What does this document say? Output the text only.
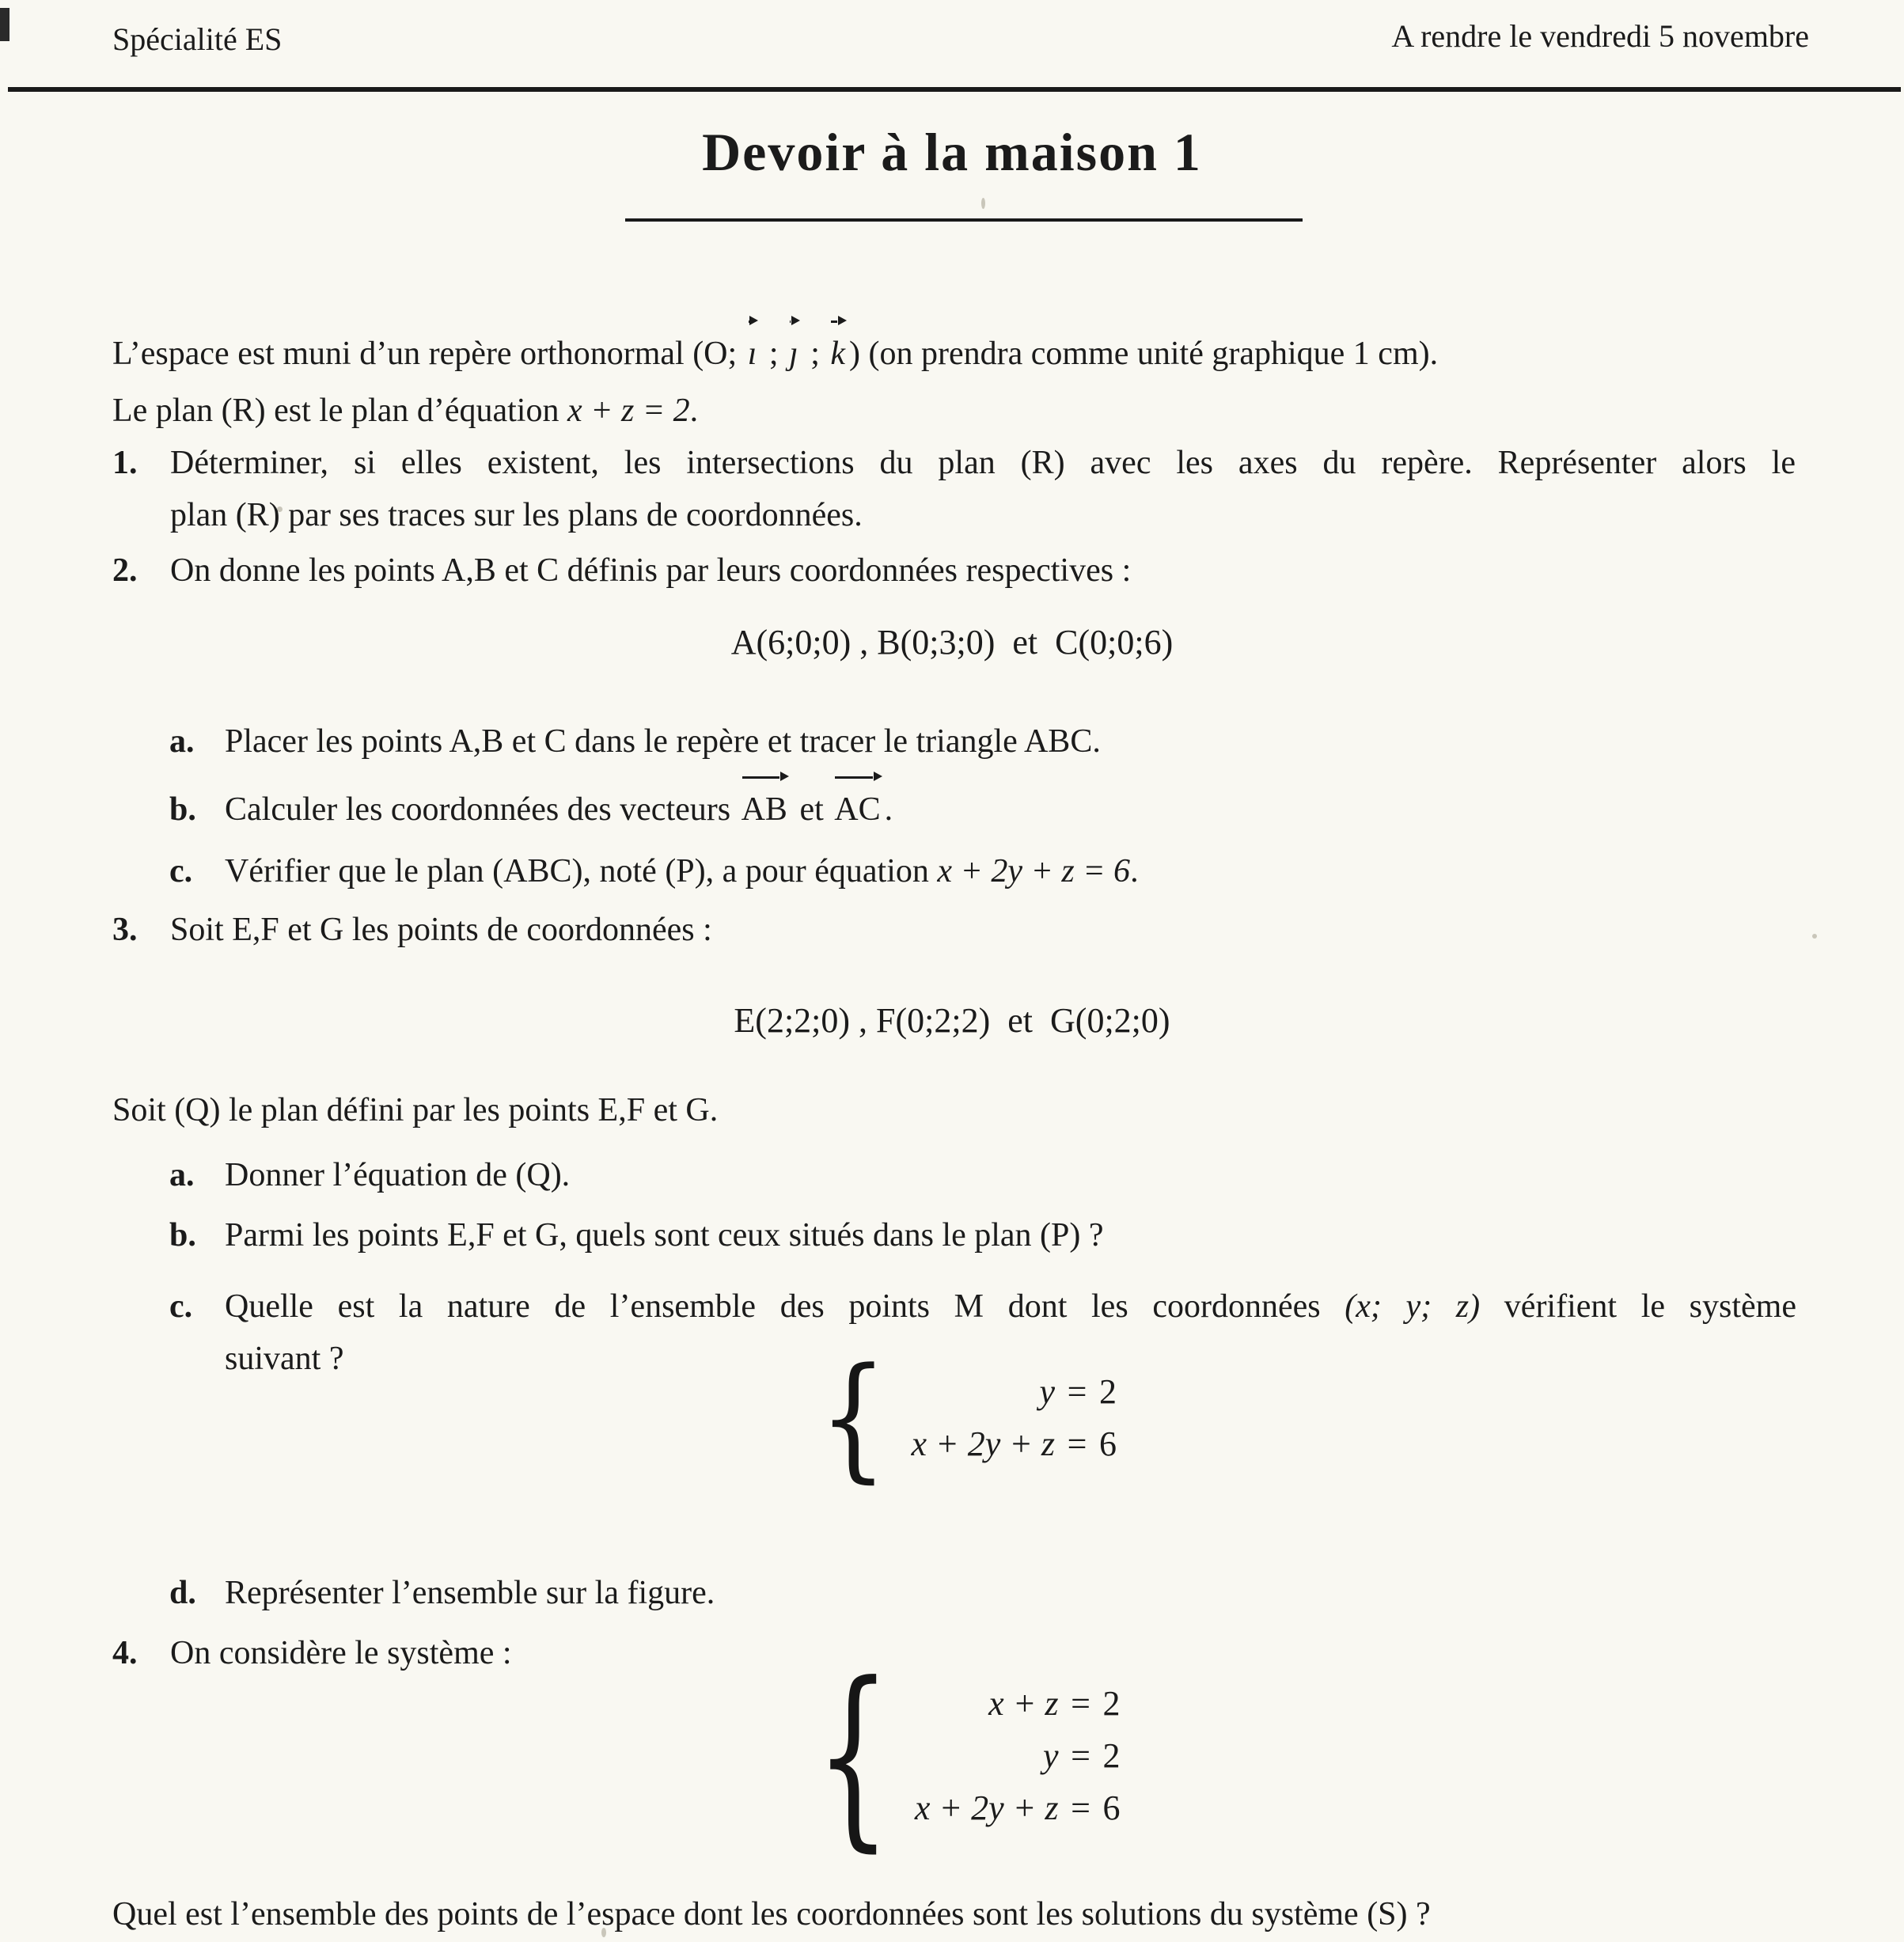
Spécialité ES	A rendre le vendredi 5 novembre
Devoir à la maison 1
L’espace est muni d’un repère orthonormal (O; ı ; ȷ ; k ) (on prendra comme unité graphique 1 cm).
Le plan (R) est le plan d’équation x + z = 2.
1. Déterminer, si elles existent, les intersections du plan (R) avec les axes du repère. Représenter alors le
plan (R) par ses traces sur les plans de coordonnées.
2. On donne les points A,B et C définis par leurs coordonnées respectives :
A(6;0;0) , B(0;3;0)  et  C(0;0;6)
a. Placer les points A,B et C dans le repère et tracer le triangle ABC.
b. Calculer les coordonnées des vecteurs AB et AC .
c. Vérifier que le plan (ABC), noté (P), a pour équation x + 2y + z = 6.
3. Soit E,F et G les points de coordonnées :
E(2;2;0) , F(0;2;2)  et  G(0;2;0)
Soit (Q) le plan défini par les points E,F et G.
a. Donner l’équation de (Q).
b. Parmi les points E,F et G, quels sont ceux situés dans le plan (P) ?
c. Quelle est la nature de l’ensemble des points M dont les coordonnées (x; y; z) vérifient le système
suivant ?	{	y = 2
x + 2y + z = 6
d. Représenter l’ensemble sur la figure.
4. On considère le système :	{	x + z = 2
y = 2
x + 2y + z = 6
Quel est l’ensemble des points de l’espace dont les coordonnées sont les solutions du système (S) ?
